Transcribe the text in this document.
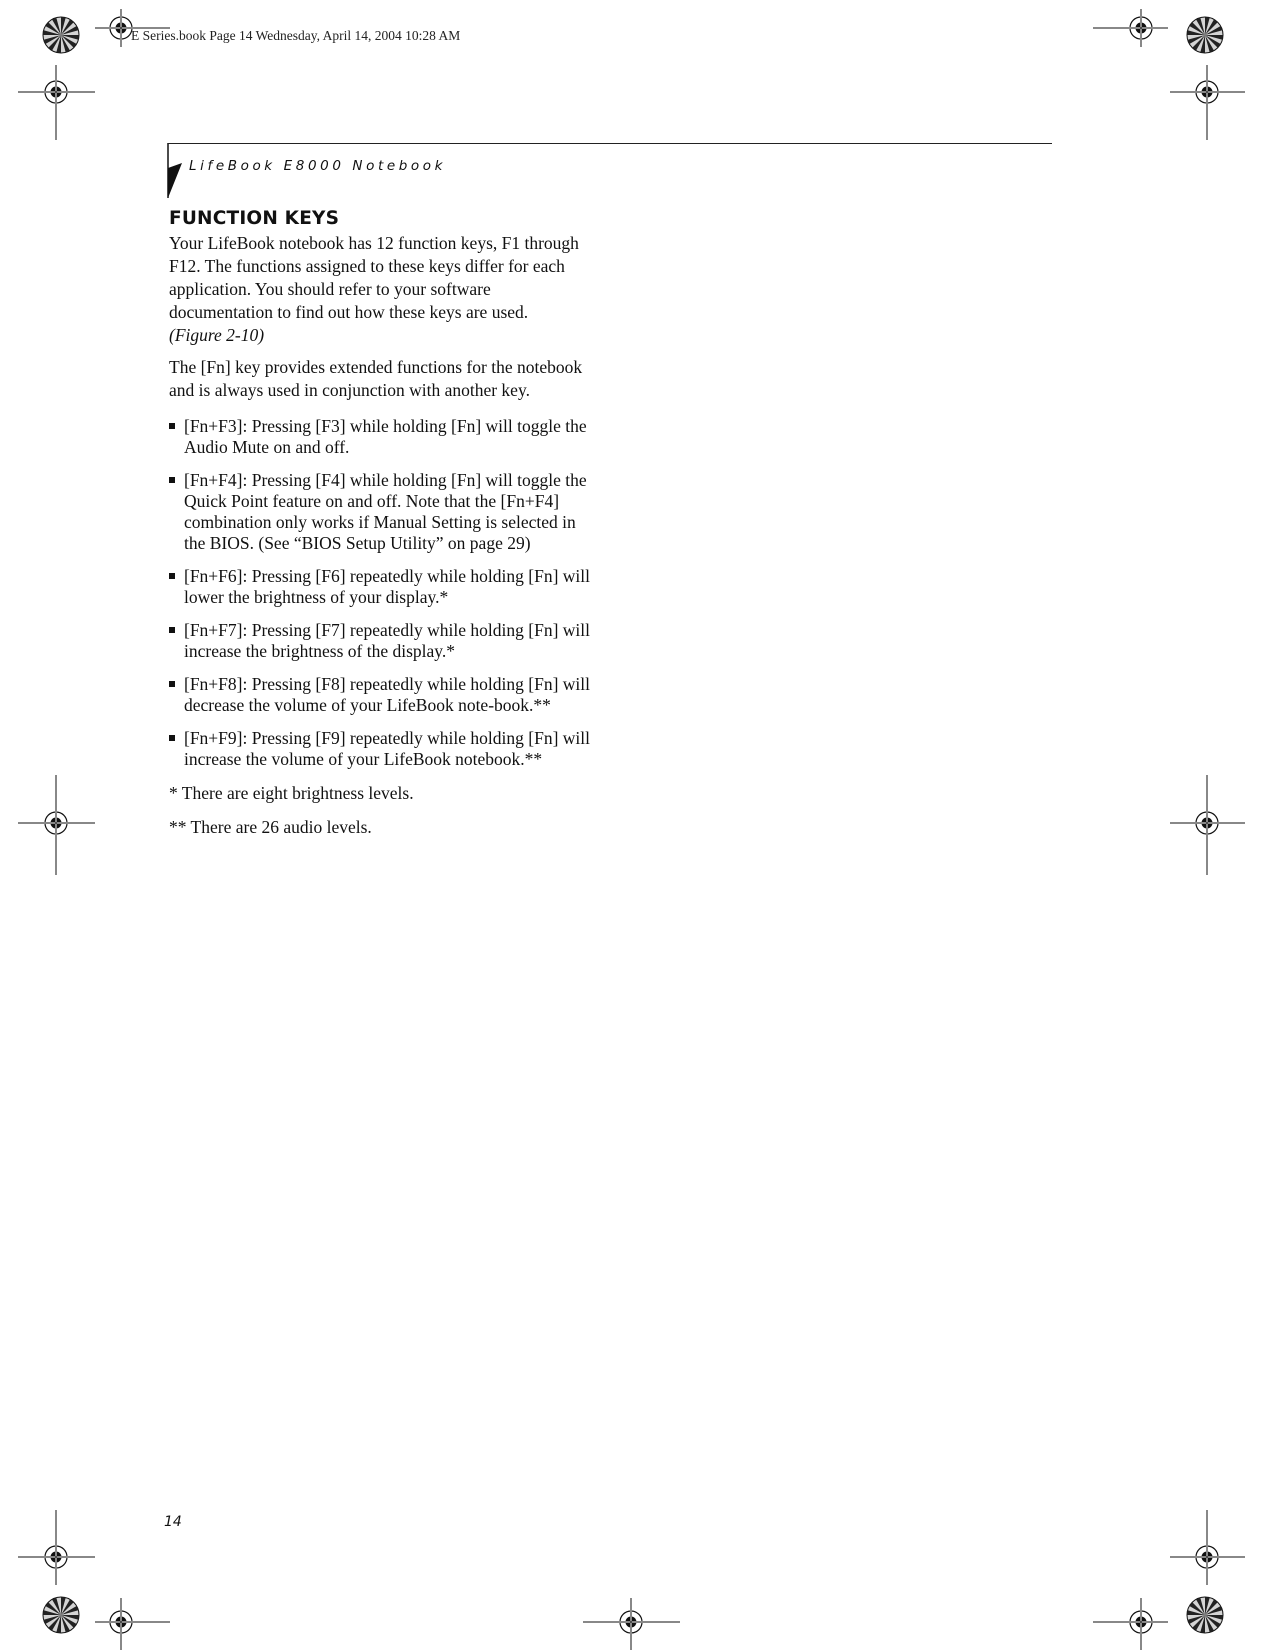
E Series.book Page 14 Wednesday, April 14, 2004 10:28 AM
LifeBook E8000 Notebook
FUNCTION KEYS

Your LifeBook notebook has 12 function keys, F1 through F12. The functions assigned to these keys differ for each application. You should refer to your software documentation to find out how these keys are used.
(Figure 2-10)

The [Fn] key provides extended functions for the notebook and is always used in conjunction with another key.

[Fn+F3]: Pressing [F3] while holding [Fn] will toggle the Audio Mute on and off.
[Fn+F4]: Pressing [F4] while holding [Fn] will toggle the Quick Point feature on and off. Note that the [Fn+F4] combination only works if Manual Setting is selected in the BIOS. (See “BIOS Setup Utility” on page 29)
[Fn+F6]: Pressing [F6] repeatedly while holding [Fn] will lower the brightness of your display.*
[Fn+F7]: Pressing [F7] repeatedly while holding [Fn] will increase the brightness of the display.*
[Fn+F8]: Pressing [F8] repeatedly while holding [Fn] will decrease the volume of your LifeBook note-book.**
[Fn+F9]: Pressing [F9] repeatedly while holding [Fn] will increase the volume of your LifeBook notebook.**

* There are eight brightness levels.

** There are 26 audio levels.

14
